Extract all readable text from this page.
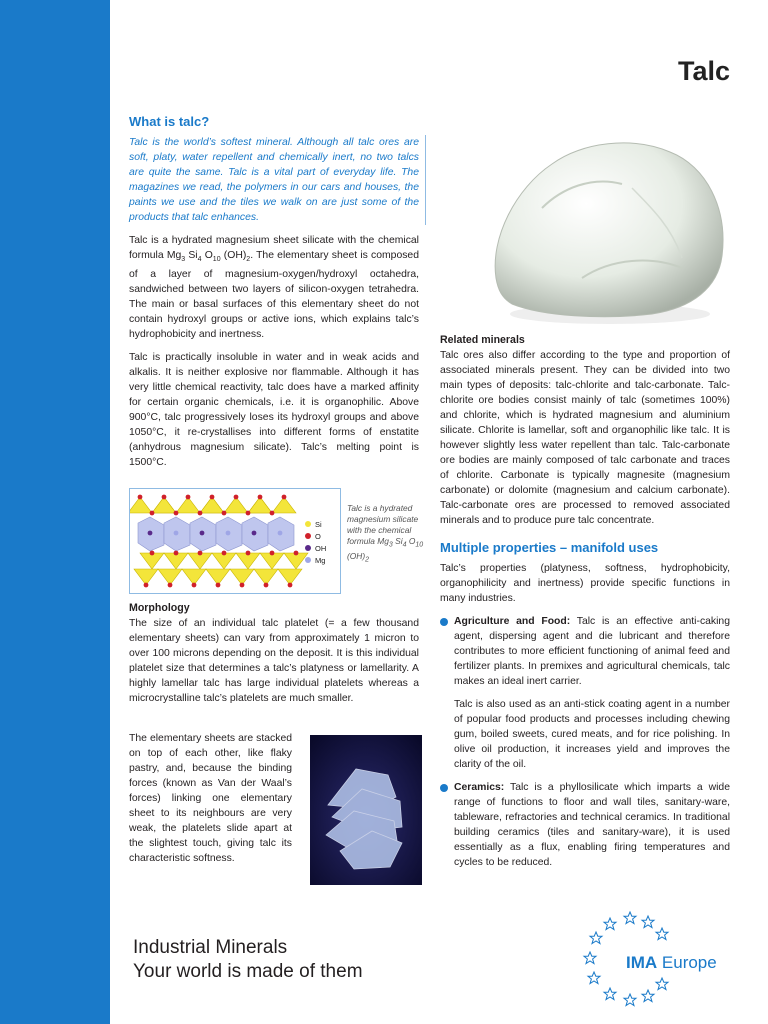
Talc
What is talc?

Talc is the world’s softest mineral. Although all talc ores are soft, platy, water repellent and chemically inert, no two talcs are quite the same. Talc is a vital part of everyday life. The magazines we read, the polymers in our cars and houses, the paints we use and the tiles we walk on are just some of the products that talc enhances.

Talc is a hydrated magnesium sheet silicate with the chemical formula $Mg_3$ $Si_4$ $O_{10}$ $(OH)_2$. The elementary sheet is composed of a layer of magnesium-oxygen/hydroxyl octahedra, sandwiched between two layers of silicon-oxygen tetrahedra. The main or basal surfaces of this elementary sheet do not contain hydroxyl groups or active ions, which explains talc’s hydrophobicity and inertness.

Talc is practically insoluble in water and in weak acids and alkalis. It is neither explosive nor flammable. Although it has very little chemical reactivity, talc does have a marked affinity for certain organic chemicals, i.e. it is organophilic. Above 900°C, talc progressively loses its hydroxyl groups and above 1050°C, it re-crystallises into different forms of enstatite (anhydrous magnesium silicate). Talc’s melting point is 1500°C.

Si
O
OH
Mg
Talc is a hydrated magnesium silicate with the chemical formula $Mg_3$ $Si_4$ $O_{10}$ $(OH)_2$
Morphology

The size of an individual talc platelet (= a few thousand elementary sheets) can vary from approximately 1 micron to over 100 microns depending on the deposit. It is this individual platelet size that determines a talc’s platyness or lamellarity. A highly lamellar talc has large individual platelets whereas a microcrystalline talc’s platelets are much smaller.

The elementary sheets are stacked on top of each other, like flaky pastry, and, because the binding forces (known as Van der Waal’s forces) linking one elementary sheet to its neighbours are very weak, the platelets slide apart at the slightest touch, giving talc its characteristic softness.

Related minerals

Talc ores also differ according to the type and proportion of associated minerals present. They can be divided into two main types of deposits: talc-chlorite and talc-carbonate. Talc-chlorite ore bodies consist mainly of talc (sometimes 100%) and chlorite, which is hydrated magnesium and aluminium silicate. Chlorite is lamellar, soft and organophilic like talc. It is however slightly less water repellent than talc. Talc-carbonate ore bodies are mainly composed of talc carbonate and traces of chlorite. Carbonate is typically magnesite (magnesium carbonate) or dolomite (magnesium and calcium carbonate). Talc-carbonate ores are processed to removed associated minerals and to produce pure talc concentrate.

Multiple properties – manifold uses

Talc’s properties (platyness, softness, hydrophobicity, organophilicity and inertness) provide specific functions in many industries.

Agriculture and Food: Talc is an effective anti-caking agent, dispersing agent and die lubricant and therefore contributes to more efficient functioning of animal feed and fertilizer plants. In premixes and agricultural chemicals, talc makes an ideal inert carrier.

Talc is also used as an anti-stick coating agent in a number of popular food products and processes including chewing gum, boiled sweets, cured meats, and for rice polishing. In olive oil production, it increases yield and improves the clarity of the oil.

Ceramics: Talc is a phyllosilicate which imparts a wide range of functions to floor and wall tiles, sanitary-ware, tableware, refractories and technical ceramics. In traditional building ceramics (tiles and sanitary-ware), it is used essentially as a flux, enabling firing temperatures and cycles to be reduced.

Industrial Minerals
Your world is made of them	IMA Europe
